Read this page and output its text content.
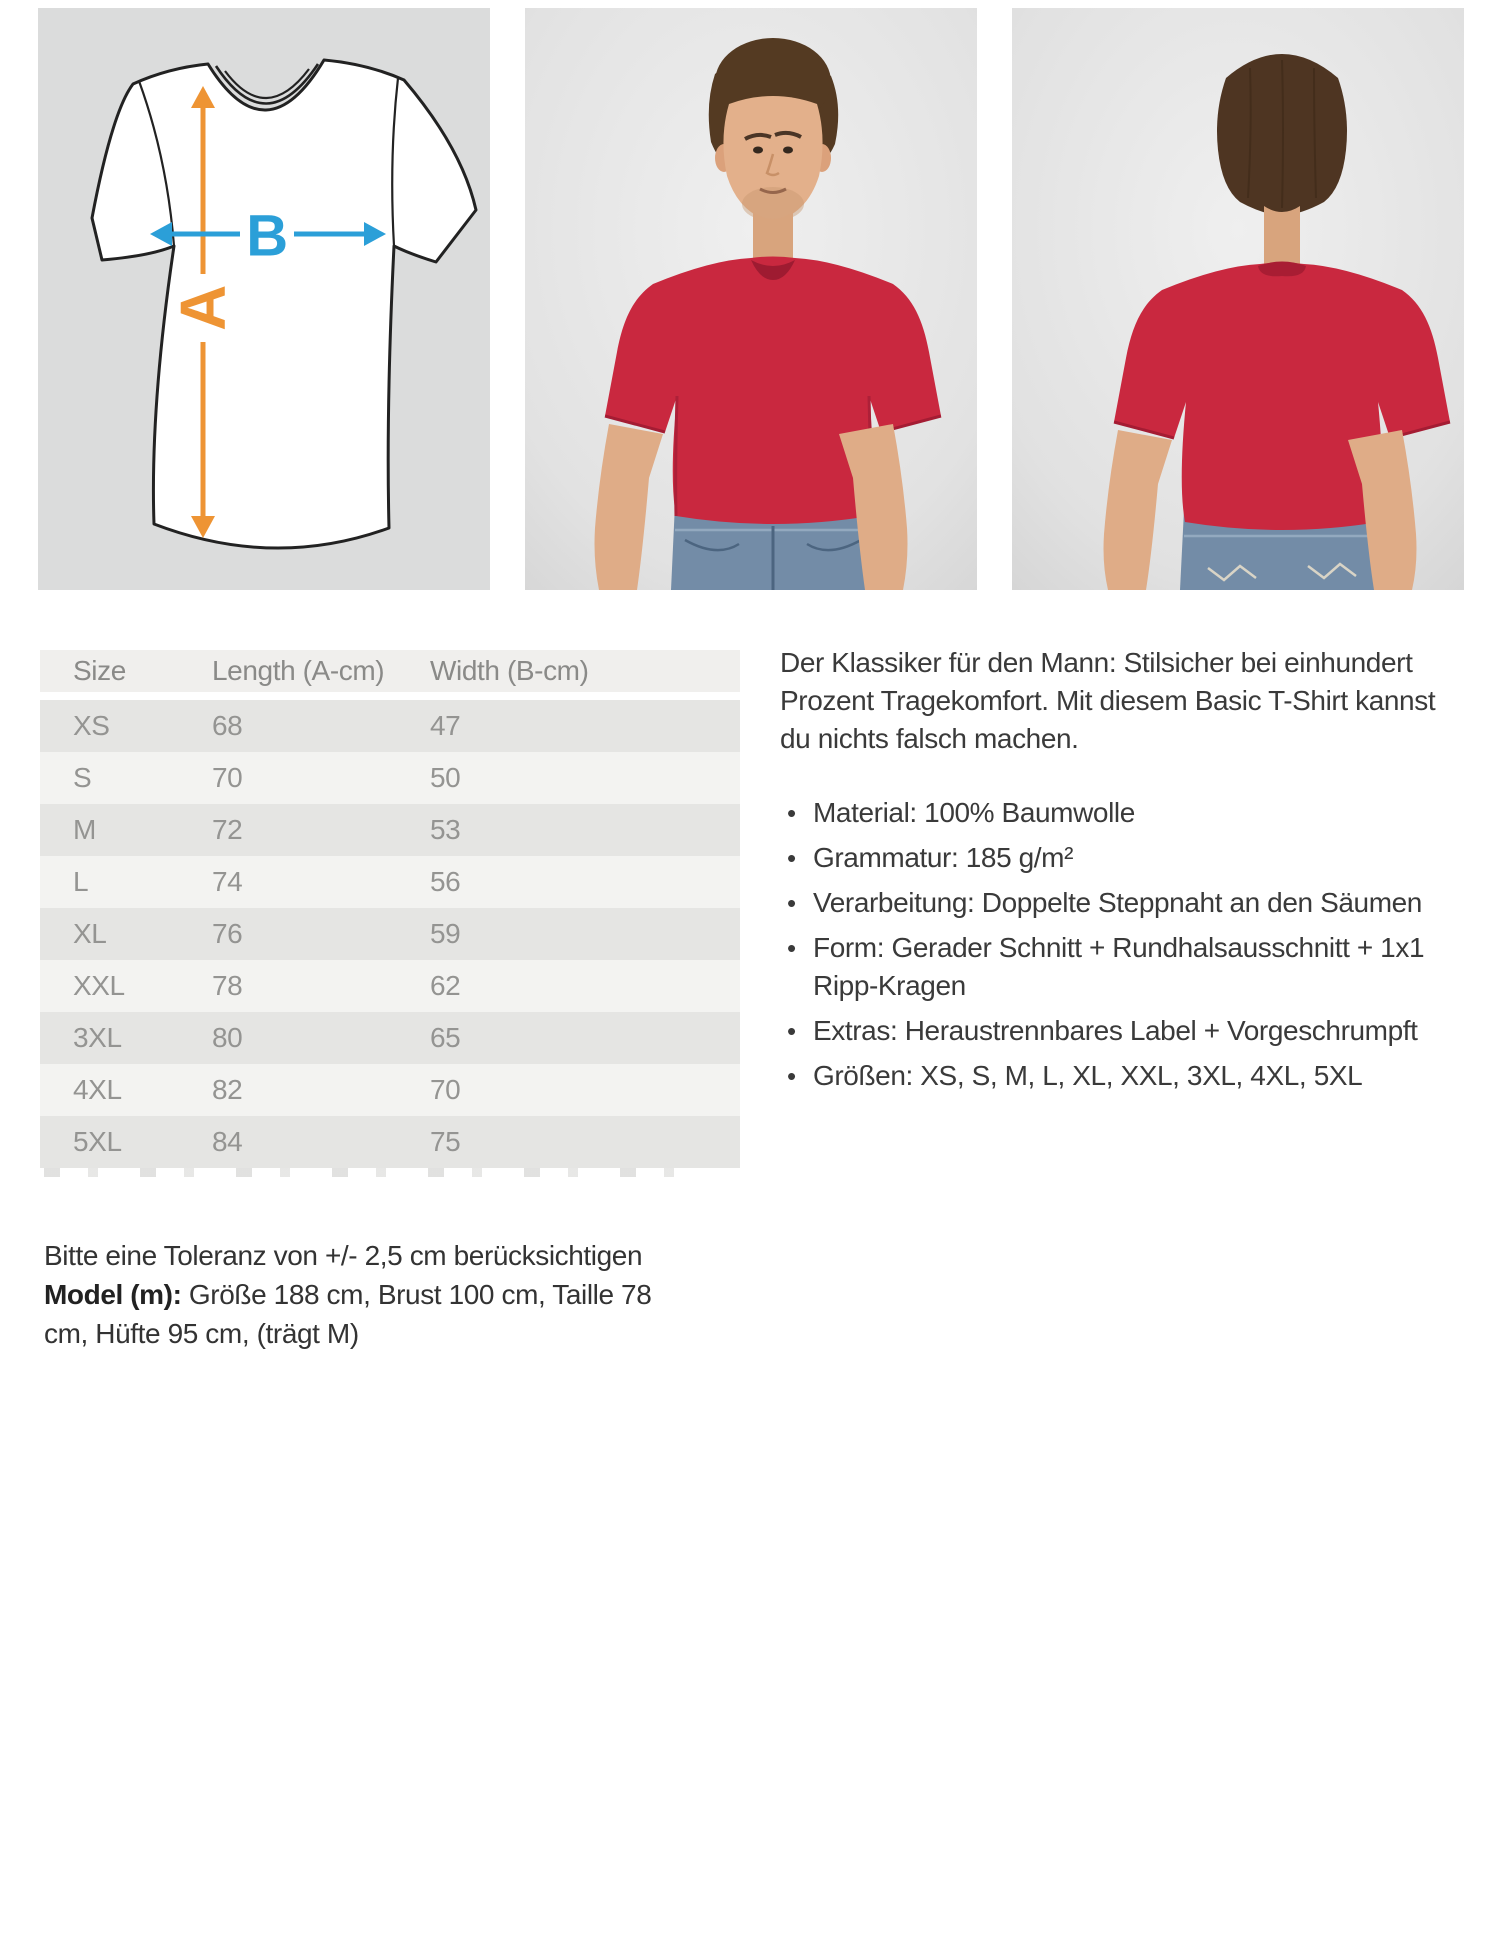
A
B
Size	Length (A-cm)	Width (B-cm)
XS	68	47
S	70	50
M	72	53
L	74	56
XL	76	59
XXL	78	62
3XL	80	65
4XL	82	70
5XL	84	75

Der Klassiker für den Mann: Stilsicher bei einhundert Prozent Tragekomfort. Mit diesem Basic T-Shirt kannst du nichts falsch machen.

• Material: 100% Baumwolle
• Grammatur: 185 g/m²
• Verarbeitung: Doppelte Steppnaht an den Säumen
• Form: Gerader Schnitt + Rundhalsausschnitt + 1x1 Ripp-Kragen
• Extras: Heraustrennbares Label + Vorgeschrumpft
• Größen: XS, S, M, L, XL, XXL, 3XL, 4XL, 5XL

Bitte eine Toleranz von +/- 2,5 cm berücksichtigen

Model (m): Größe 188 cm, Brust 100 cm, Taille 78 cm, Hüfte 95 cm, (trägt M)
